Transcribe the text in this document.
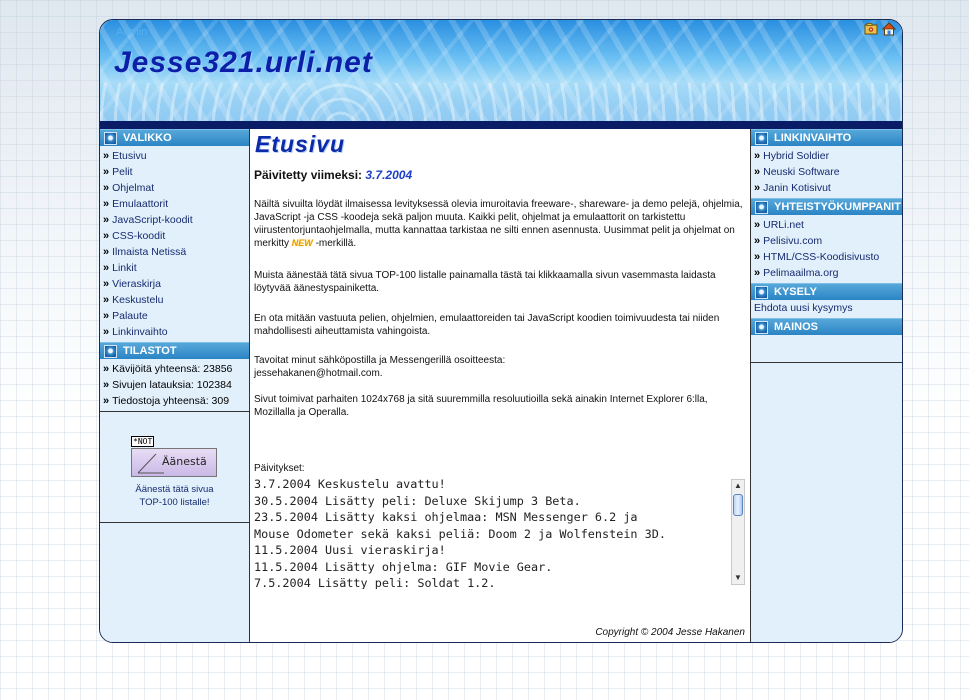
Admin
Jesse321.urli.net
VALIKKO
» Etusivu
» Pelit
» Ohjelmat
» Emulaattorit
» JavaScript-koodit
» CSS-koodit
» Ilmaista Netissä
» Linkit
» Vieraskirja
» Keskustelu
» Palaute
» Linkinvaihto
TILASTOT
» Kävijöitä yhteensä: 23856
» Sivujen latauksia: 102384
» Tiedostoja yhteensä: 309
*NOT
Äänestä
Äänestä tätä sivua
TOP-100 listalle!
Etusivu

Päivitetty viimeksi: 3.7.2004

Näiltä sivuilta löydät ilmaisessa levityksessä olevia imuroitavia freeware-, shareware- ja demo pelejä, ohjelmia, JavaScript -ja CSS -koodeja sekä paljon muuta. Kaikki pelit, ohjelmat ja emulaattorit on tarkistettu viirustentorjuntaohjelmalla, mutta kannattaa tarkistaa ne silti ennen asennusta. Uusimmat pelit ja ohjelmat on merkitty NEW -merkillä.

Muista äänestää tätä sivua TOP-100 listalle painamalla tästä tai klikkaamalla sivun vasemmasta laidasta löytyvää äänestyspainiketta.

En ota mitään vastuuta pelien, ohjelmien, emulaattoreiden tai JavaScript koodien toimivuudesta tai niiden mahdollisesti aiheuttamista vahingoista.

Tavoitat minut sähköpostilla ja Messengerillä osoitteesta:
jessehakanen@hotmail.com.

Sivut toimivat parhaiten 1024x768 ja sitä suuremmilla resoluutioilla sekä ainakin Internet Explorer 6:lla, Mozillalla ja Operalla.

Päivitykset:

3.7.2004 Keskustelu avattu!
30.5.2004 Lisätty peli: Deluxe Skijump 3 Beta.
23.5.2004 Lisätty kaksi ohjelmaa: MSN Messenger 6.2 ja
Mouse Odometer sekä kaksi peliä: Doom 2 ja Wolfenstein 3D.
11.5.2004 Uusi vieraskirja!
11.5.2004 Lisätty ohjelma: GIF Movie Gear.
7.5.2004 Lisätty peli: Soldat 1.2.
▲
▼
Copyright © 2004 Jesse Hakanen
LINKINVAIHTO
» Hybrid Soldier
» Neuski Software
» Janin Kotisivut
YHTEISTYÖKUMPPANIT
» URLi.net
» Pelisivu.com
» HTML/CSS-Koodisivusto
» Pelimaailma.org
KYSELY
Ehdota uusi kysymys
MAINOS
